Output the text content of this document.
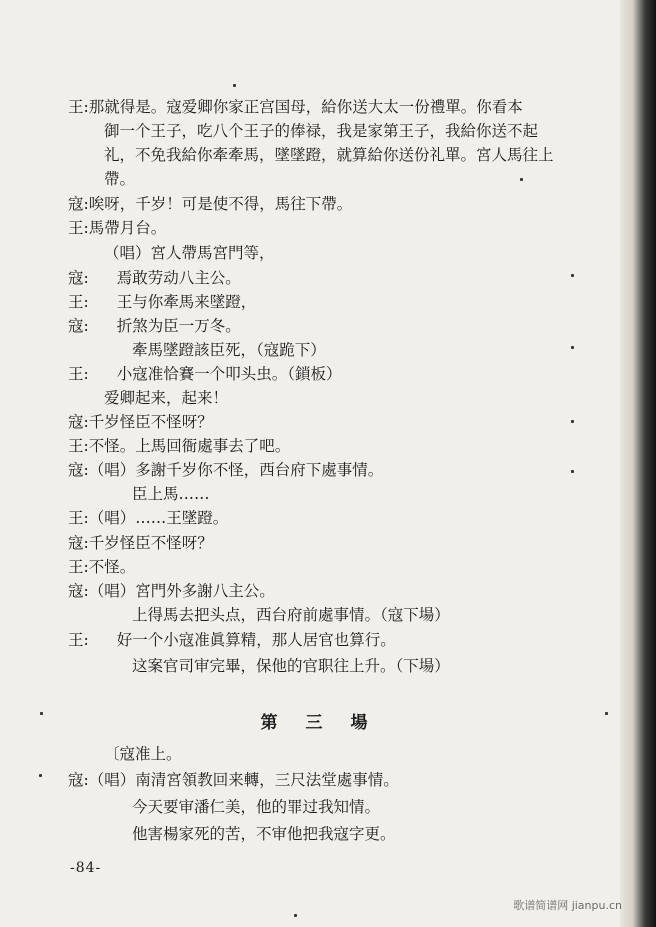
王:那就得是。寇爱卿你家正宫国母，給你送大太一份禮單。你看本
御一个王子，吃八个王子的俸禄，我是家第王子，我給你送不起
礼，不免我給你牽牽馬，墜墜蹬，就算給你送份礼單。宮人馬往上
帶。
寇:唉呀，千岁！可是使不得，馬往下帶。
王:馬帶月台。
（唱）宮人帶馬宮門等，
寇: 焉敢劳动八主公。
王: 王与你牽馬来墜蹬，
寇: 折煞为臣一万冬。
牽馬墜蹬該臣死，（寇跪下）
王: 小寇准恰賽一个叩头虫。（鎖板）
爱卿起来，起来！
寇:千岁怪臣不怪呀？
王:不怪。上馬回衙處事去了吧。
寇:（唱）多謝千岁你不怪，西台府下處事情。
臣上馬……
王:（唱）……王墜蹬。
寇:千岁怪臣不怪呀？
王:不怪。
寇:（唱）宮門外多謝八主公。
上得馬去把头点，西台府前處事情。（寇下場）
王: 好一个小寇准眞算精，那人居官也算行。
这案官司审完畢，保他的官职往上升。（下場）
第三場
〔寇准上。
寇:（唱）南清宮領教回来轉，三尺法堂處事情。
今天要审潘仁美，他的罪过我知情。
他害楊家死的苦，不审他把我寇字更。
-84-
歌谱简谱网 jianpu.cn
